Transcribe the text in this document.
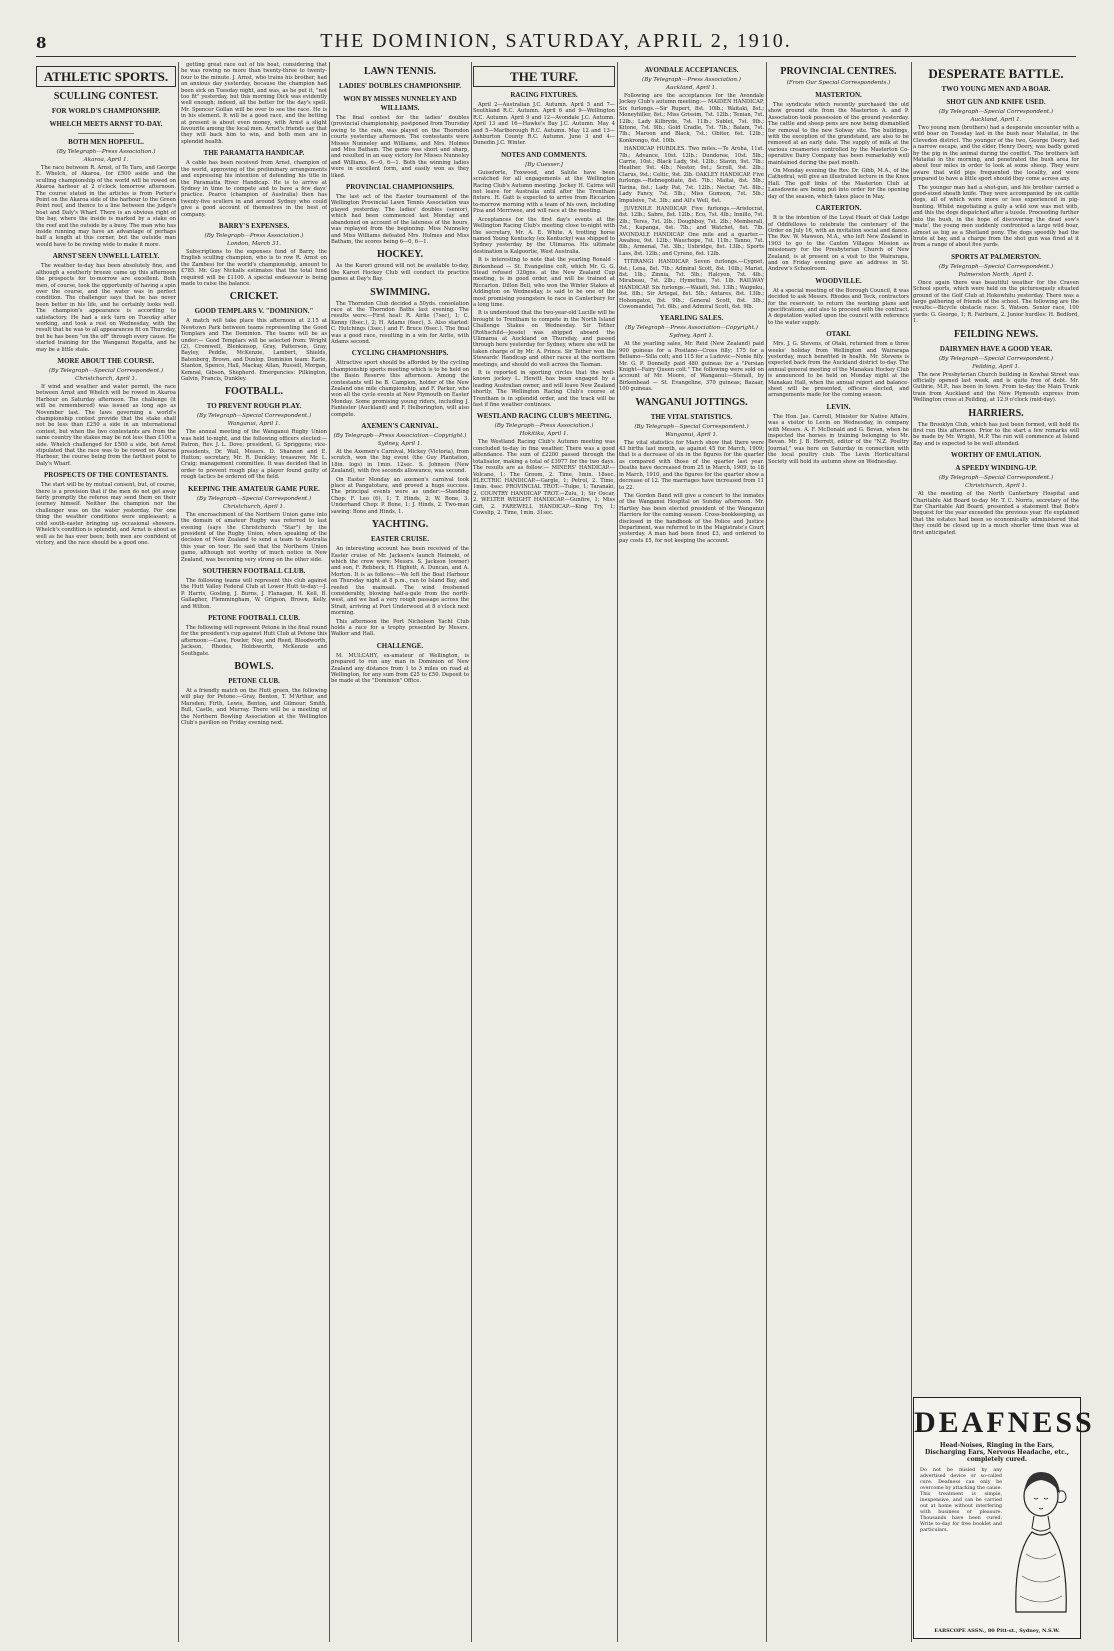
8	THE DOMINION, SATURDAY, APRIL 2, 1910.
ATHLETIC SPORTS.
SCULLING CONTEST.
FOR WORLD'S CHAMPIONSHIP.
WHELCH MEETS ARNST TO-DAY.
BOTH MEN HOPEFUL.
(By Telegraph—Press Association.)
Akaroa, April 1.

The race between R. Arnst, of Te Taro, and George E. Whelch, of Akaroa, for £500 aside and the sculling championship of the world will be rowed on Akaroa harbour at 2 o'clock tomorrow afternoon. The course stated in the articles is from Porter's Point on the Akaroa side of the harbour to the Green Point reef, and thence to a line between the judge's boat and Daly's Wharf. There is an obvious right of the bay, where the inside is marked by a stake on the reef and the outside by a buoy. The man who has inside running may have an advantage of perhaps half a length at this corner, but the outside man would have to be rowing wide to make it more.

ARNST SEEN UNWELL LATELY.

The weather to-day has been absolutely fine, and although a southerly breeze came up this afternoon the prospects for to-morrow are excellent. Both men, of course, took the opportunity of having a spin over the course, and the water was in perfect condition. The challenger says that he has never been better in his life, and he certainly looks well. The champion's appearance is according to satisfactory. He had a sick turn on Tuesday after working, and took a rest on Wednesday, with the result that he was to all appearances fit on Thursday, but he has been "on the off" through every cause. He started training for the Wanganui Regatta, and he may be a little stale.

MORE ABOUT THE COURSE.
(By Telegraph—Special Correspondent.)
Christchurch, April 1.

If wind and weather and water permit, the race between Arnst and Whelch will be rowed in Akaroa Harbour on Saturday afternoon. The challenge (it will be remembered) was issued as long ago as November last. The laws governing a world's championship contest provide that the stake shall not be less than £250 a side in an international contest, but when the two contestants are from the same country the stakes may be not less than £100 a side. Whelch challenged for £500 a side, but Arnst stipulated that the race was to be rowed on Akaroa Harbour, the course being from the farthest point to Daly's Wharf.

PROSPECTS OF THE CONTESTANTS.

The start will be by mutual consent, but, of course, there is a provision that if the men do not get away fairly promptly the referee may send them on their journey himself. Neither the champion nor the challenger was on the water yesterday. For one thing the weather conditions were unpleasant; a cold south-easter bringing up occasional showers. Whelch's condition is splendid, and Arnst is about as well as he has ever been; both men are confident of victory, and the race should be a good one.

getting great race out of his boat, considering that he was rowing no more than twenty-three to twenty-four to the minute. J. Arnst, who trains his brother, had an anxious day yesterday, because the champion had been sick on Tuesday night, and was, as he put it, "not too fit" yesterday, but this morning Dick was evidently well enough; indeed, all the better for the day's spell. Mr. Spencer Gollan will be over to see the race. He is in his element. It will be a good race, and the betting at present is about even money, with Arnst a slight favourite among the local men. Arnst's friends say that they will back him to win, and both men are in splendid health.

THE PARAMATTA HANDICAP.

A cable has been received from Arnst, champion of the world, approving of the preliminary arrangements and expressing his intention of defending his title in the Paramatta River Handicap. He is to arrive at Sydney in time to compete and to have a few days' practice. Pearce (champion of Australia) then has twenty-five scullers in and around Sydney who could give a good account of themselves in the best of company.

BARRY'S EXPENSES.
(By Telegraph—Press Association.)
London, March 31.

Subscriptions to the expenses fund of Barry, the English sculling champion, who is to row R. Arnst on the Zambesi for the world's championship, amount to £785. Mr. Guy Nickalls estimates that the total fund required will be £1100. A special endeavour is being made to raise the balance.

CRICKET.
GOOD TEMPLARS V. "DOMINION."

A match will take place this afternoon at 2.15 at Newtown Park between teams representing the Good Templars and The Dominion. The teams will be as under:— Good Templars will be selected from: Wright (2), Cromwell, Blenkinsop, Gray, Patterson, Gray, Bayley, Peddie, McKenzie, Lambert, Shields, Batenberg, Brown, and Dunlop. Dominion team: Earle, Stanton, Spence, Hall, Mackay, Allan, Russell, Morgan, Kemnal, Gibson, Shepherd. Emergencies: Pilkington, Galvin, Francis, Dunkley.

FOOTBALL.
TO PREVENT ROUGH PLAY.
(By Telegraph—Special Correspondent.)
Wanganui, April 1.

The annual meeting of the Wanganui Rugby Union was held to-night, and the following officers elected:—Patron, Rev. J. L. Dove; president, G. Spriggens; vice-presidents, Dr. Wall, Messrs. D. Shannon and E. Hutton; secretary, Mr. R. Dunkley; treasurer, Mr. L. Craig; management committee. It was decided that in order to prevent rough play a player found guilty of rough tactics be ordered off the field.

KEEPING THE AMATEUR GAME PURE.
(By Telegraph—Special Correspondent.)
Christchurch, April 1.

The encroachment of the Northern Union game into the domain of amateur Rugby was referred to last evening (says the Christchurch "Star") by the president of the Rugby Union, when speaking of the decision of New Zealand to send a team to Australia this year on tour. He said that the Northern Union game, although not worthy of much notice in New Zealand, was becoming very strong on the other side.

SOUTHERN FOOTBALL CLUB.

The following teams will represent this club against the Hutt Valley Federal Club at Lower Hutt to-day:—J. P. Harris, Gosling, J. Burns, J. Flanagan, H. Kell, B. Gallagher, Flemmingham, W. Grigson, Brown, Kelly, and Wilton.

PETONE FOOTBALL CLUB.

The following will represent Petone in the final round for the president's cup against Hutt Club at Petone this afternoon:—Cave, Fowler, Noy, and Reed, Bloodworth, Jackson, Rhodes, Holdsworth, McKenzie and Southgate.

BOWLS.
PETONE CLUB.

At a friendly match on the Hutt green, the following will play for Petone:—Gray, Benton, T. M'Arthur, and Marsden; Firth, Lewis, Benton, and Gilmour; Smith, Bull, Castle, and Murray. There will be a meeting of the Northern Bowling Association at the Wellington Club's pavilion on Friday evening next.

LAWN TENNIS.
LADIES' DOUBLES CHAMPIONSHIP.
WON BY MISSES NUNNELEY AND WILLIAMS.

The final contest for the ladies' doubles (provincial championship, postponed from Thursday owing to the rain, was played on the Thorndon courts yesterday afternoon. The contestants were Misses Nunneley and Williams, and Mrs. Holmes and Miss Batham. The game was short and sharp, and resulted in an easy victory for Misses Nunneley and Williams, 6—0, 6—1. Both the winning ladies were in excellent form, and easily won as they liked.

PROVINCIAL CHAMPIONSHIPS.

The last act of the Easter tournament of the Wellington Provincial Lawn Tennis Association was played yesterday. The ladies' doubles (senior), which had been commenced last Monday and abandoned on account of the lateness of the hours, was replayed from the beginning. Miss Nunneley and Miss Williams defeated Mrs. Holmes and Miss Batham, the scores being 6—0, 6—1.

HOCKEY.

As the Karori ground will not be available to-day, the Karori Hockey Club will conduct its practice games at Day's Bay.

SWIMMING.

The Thorndon Club decided a 50yds. consolation race at the Thorndon Baths last evening. The results were:—First heat: R. Airlie (7sec), 1; C. Kenny (8sec.), 2; H. Adams (6sec), 3. Also started: C. Hutchings (3sec.) and F. Bruce (6sec.). The final was a good race, resulting in a win for Airlie, with Adams second.

CYCLING CHAMPIONSHIPS.

Attractive sport should be afforded by the cycling championship sports meeting which is to be held on the Basin Reserve this afternoon. Among the contestants will be B. Campion, holder of the New Zealand one mile championship, and F. Parker, who won all the cycle events at New Plymouth on Easter Monday. Some promising young riders, including J. Fantester (Auckland) and F. Helberington, will also compete.

AXEMEN'S CARNIVAL.
(By Telegraph—Press Association—Copyright.)
Sydney, April 1.

At the Axemen's Carnival, Mickey (Victoria), from scratch, won the big event (the Guy Plantation, 18in. logs) in 1min. 12sec. S. Johnson (New Zealand), with five seconds allowance, was second.

On Easter Monday an axemen's carnival took place at Pangatotara, and proved a huge success. The principal events were as under:—Standing Chop: F. Leo (6), 1; T. Hinds, 2; W. Bone, 3. Underhand Chop: P. Bone, 1; J. Hinds, 2. Two-man sawing: Bone and Hinds, 1.

YACHTING.
EASTER CRUISE.

An interesting account has been received of the Easter cruise of Mr. Jackson's launch Heimoki, of which the crew were: Messrs. S. Jackson (owner) and son, F. Rebbeck, H. Highett, A. Duncan, and A. Morton. It is as follows:—We left the Boat Harbour on Thursday night at 8 p.m., ran to Island Bay, and reefed the mainsail. The wind freshened considerably, blowing half-a-gale from the north-west, and we had a very rough passage across the Strait, arriving at Port Underwood at 8 o'clock next morning.

This afternoon the Port Nicholson Yacht Club holds a race for a trophy presented by Messrs. Walker and Hall.

CHALLENGE.

M. MULCAHY, ex-amateur of Wellington, is prepared to run any man in Dominion of New Zealand any distance from 1 to 3 miles on road at Wellington, for any sum from £25 to £50. Deposit to be made at the "Dominion" Office.

THE TURF.
RACING FIXTURES.

April 2—Australian J.C. Autumn. April 5 and 7—Southland R.C. Autumn. April 6 and 9—Wellington R.C. Autumn. April 9 and 12—Avondale J.C. Autumn. April 13 and 16—Hawke's Bay J.C. Autumn. May 4 and 5—Marlborough R.C. Autumn. May 12 and 13—Ashburton County R.C. Autumn. June 3 and 4—Dunedin J.C. Winter.

NOTES AND COMMENTS.
[By Cuesser.]

Guiseforte, Foxwood, and Salute have been scratched for all engagements at the Wellington Racing Club's Autumn meeting. Jockey H. Cairns will not leave for Australia until after the Trentham fixture. H. Gatt is expected to arrive from Riccarton to-morrow morning with a team of his own, including Pisa and Merriwee, and will race at the meeting.

Acceptances for the first day's events at the Wellington Racing Club's meeting close to-night with the secretary, Mr. A. E. White. A trotting horse named Young Kentucky (ex Kentucky) was shipped to Sydney yesterday by the Ulimaroa. His ultimate destination is Kalgoorlie, West Australia.

It is interesting to note that the yearling Ronald - Birkenhead — St. Evangeline colt, which Mr. G. G. Stead refused 320gns. at the New Zealand Cup meeting, is in good order, and will be trained at Riccarton. Dillon Bell, who won the Winter Stakes at Addington on Wednesday, is said to be one of the most promising youngsters to race in Canterbury for a long time.

It is understood that the two-year-old Lucille will be brought to Trentham to compete in the North Island Challenge Stakes on Wednesday. Sir Tether (Rothschild—Jessie) was shipped aboard the Ulimaroa at Auckland on Thursday, and passed through here yesterday for Sydney, where she will be taken charge of by Mr. A. Prince. Sir Tether won the Stewards' Handicap and other races at the northern meetings, and should do well across the Tasman.

It is reported in sporting circles that the well-known jockey L. Hewitt has been engaged by a leading Australian owner, and will leave New Zealand shortly. The Wellington Racing Club's course at Trentham is in splendid order, and the track will be fast if fine weather continues.

WESTLAND RACING CLUB'S MEETING.
(By Telegraph—Press Association.)
Hokitika, April 1.

The Westland Racing Club's Autumn meeting was concluded to-day in fine weather. There was a good attendance. The sum of £2200 passed through the totalisator, making a total of £3977 for the two days. The results are as follow:— MINERS' HANDICAP.—Volcano, 1; The Groom, 2. Time, 1min. 18sec. ELECTRIC HANDICAP.—Gargle, 1; Petrol, 2. Time, 1min. 4sec. PROVINCIAL TROT.—Tulpe, 1; Taranaki, 2. COUNTRY HANDICAP TROT.—Zulu, 1; Sir Oscar, 2. WELTER WEIGHT HANDICAP.—Gunfire, 1; Miss Gift, 2. FAREWELL HANDICAP.—King Try, 1; Cowslip, 2. Time, 1min. 31sec.

AVONDALE ACCEPTANCES.
(By Telegraph—Press Association.)
Auckland, April 1.

Following are the acceptances for the Avondale Jockey Club's autumn meeting:— MAIDEN HANDICAP, Six furlongs.—Sir Rupert, 8st. 10lb.; Waitaki, 8st.; Moneyhiller, 8st.; Miss Grissim, 7st. 12lb.; Tenian, 7st. 12lb.; Lady Kilbryde, 7st. 11lb.; Sublet, 7st. 9lb.; Kitone, 7st. 9lb.; Gold Cradle, 7st. 7lb.; Balam, 7st. 7lb.; Maroon and Black, 7st.; Obiter, 6st. 12lb.; Konkrongo, 6st. 10lb.

HANDICAP HURDLES. Two miles.—Te Aroha, 11st. 7lb.; Advance, 10st. 12lb.; Dundoree, 10st. 5lb.; Carrie, 10st.; Black Lady, 9st. 12lb.; Stavin, 9st. 7lb.; Heather, 9st. 4lb.; Nestor, 9st.; Scroll, 9st. 2lb.; Clarus, 9st.; Celtic, 9st. 2lb. OAKLEY HANDICAP. Five furlongs.—Rebnegotiate, 8st. 7lb.; Maitai, 8st. 5lb.; Tarina, 8st.; Lady Pat, 7st. 12lb.; Nectar, 7st. 8lb.; Lady Fancy, 7st. 5lb.; Miss Gumson, 7st. 5lb.; Impulsive, 7st. 3lb.; and All's Well, 6st.

JUVENILE HANDICAP. Five furlongs.—Aristocrat, 8st. 12lb.; Sabre, 8st. 12lb.; Eco, 7st. 4lb.; Innillo, 7st. 2lb.; Teres, 7st. 2lb.; Doughboy, 7st. 2lb.; Memberall, 7st.; Kapanga, 6st. 7lb.; and Watchet, 6st. 7lb. AVONDALE HANDICAP. One mile and a quarter.—Awahou, 9st. 12lb.; Wauchope, 7st. 11lb.; Tanno, 7st. 8lb.; Armenal, 7st. 3lb.; Uxbridge, 8st. 13lb.; Sports Lass, 8st. 12lb.; and Cyrene, 6st. 12lb.

TITIRANGI HANDICAP. Seven furlongs.—Cygnet, 9st.; Lena, 8st. 7lb.; Admiral Scott, 8st. 10lb.; Marist, 8st. 1lb.; Zinnia, 7st. 5lb.; Halcyon, 7st. 4lb.; Mirabeau, 7st. 2lb.; Hymettus, 7st. 1lb. RAILWAY HANDICAP. Six furlongs.—Waiatt, 9st. 13lb.; Waipuku, 9st. 8lb.; Sir Artegal, 8st. 5lb.; Antares, 8st. 13lb.; Hohongatoi, 8st. 9lb.; General Scott, 8st. 3lb.; Cowomandel, 7st. 6lb.; and Admiral Scott, 6st. 9lb.

YEARLING SALES.
(By Telegraph—Press Association—Copyright.)
Sydney, April 1.

At the yearling sales, Mr. Reid (New Zealand) paid 900 guineas for a Positano—Cross filly; 175 for a Bellamo—Silla colt; and 115 for a Ludovic—Nonie filly. Mr. G. P. Donnelly paid 480 guineas for a "Persian Knight—Fairy Queen colt." The following were sold on account of Mr. Moore, of Wanganui:—Stenall, by Birkenhead — St. Evangeline, 370 guineas; Bazaar, 100 guineas.

WANGANUI JOTTINGS.
THE VITAL STATISTICS.
(By Telegraph—Special Correspondent.)
Wanganui, April 1.

The vital statistics for March show that there were 43 births last month, as against 45 for March, 1909; that is a decrease of six in the figures for the quarter as compared with those of the quarter last year. Deaths have decreased from 25 in March, 1909, to 18 in March, 1910, and the figures for the quarter show a decrease of 12. The marriages have increased from 11 to 22.

The Gordon Band will give a concert to the inmates of the Wanganui Hospital on Sunday afternoon. Mr. Hartley has been elected president of the Wanganui Harriers for the coming season. Cross-bookkeeping, as disclosed in the handbook of the Police and Justice Department, was referred to in the Magistrate's Court yesterday. A man had been fined £3, and ordered to pay costs £5, for not keeping the account.

PROVINCIAL CENTRES.
(From Our Special Correspondents.)
MASTERTON.

The syndicate which recently purchased the old show ground site from the Masterton A. and P. Association took possession of the ground yesterday. The cattle and sheep pens are now being dismantled for removal to the new Solway site. The buildings, with the exception of the grandstand, are also to be removed at an early date. The supply of milk at the various creameries controlled by the Masterton Co-operative Dairy Company has been remarkably well maintained during the past month.

On Monday evening the Rev. Dr. Gibb, M.A., of the Cathedral, will give an illustrated lecture in the Knox Hall. The golf links of the Masterton Club at Lansdowne are being put into order for the opening day of the season, which takes place in May.

CARTERTON.

It is the intention of the Loyal Heart of Oak Lodge of Oddfellows to celebrate the centenary of the Order on July 16, with an invitation social and dance. The Rev. W. Mawson, M.A., who left New Zealand in 1903 to go to the Canton Villages Mission as missionary for the Presbyterian Church of New Zealand, is at present on a visit to the Wairarapa, and on Friday evening gave an address in St. Andrew's Schoolroom.

WOODVILLE.

At a special meeting of the Borough Council, it was decided to ask Messrs. Rhodes and Teck, contractors for the reservoir, to return the working plans and specifications, and also to proceed with the contract. A deputation waited upon the council with reference to the water supply.

OTAKI.

Mrs. J. G. Stevens, of Otaki, returned from a three weeks' holiday from Wellington and Wairarapa yesterday, much benefited in health. Mr. Stevens is expected back from the Auckland district to-day. The annual general meeting of the Manakau Hockey Club is announced to be held on Monday night at the Manakau Hall, when the annual report and balance-sheet will be presented, officers elected, and arrangements made for the coming season.

LEVIN.

The Hon. Jas. Carroll, Minister for Native Affairs, was a visitor to Levin on Wednesday, in company with Messrs. A. F. McDonald and G. Bevan, when he inspected the horses in training belonging to Mr. Bevan. Mr. J. B. Herrett, editor of the "N.Z. Poultry Journal," was here on Saturday in connection with the local poultry club. The Levin Horticultural Society will hold its autumn show on Wednesday.

DESPERATE BATTLE.
TWO YOUNG MEN AND A BOAR.
SHOT GUN AND KNIFE USED.
(By Telegraph—Special Correspondent.)
Auckland, April 1.

Two young men (brothers) had a desperate encounter with a wild boar on Tuesday last in the bush near Mataitai, in the Clevedon district. The younger of the two, George Deery, had a narrow escape, and the elder, Henry Deery, was badly gored by the pig in the animal during the conflict. The brothers left Mataitai in the morning, and penetrated the bush area for about four miles in order to look at some sheep. They were aware that wild pigs frequented the locality, and were prepared to have a little sport should they come across any.

The younger man had a shot-gun, and his brother carried a good-sized sheath knife. They were accompanied by six cattle dogs, all of which were more or less experienced in pig-hunting. Whilst negotiating a gully a wild sow was met with, and this the dogs dispatched after a tussle. Proceeding further into the bush, in the hope of discovering the dead sow's 'mate', the young men suddenly confronted a large wild boar, almost as big as a Shetland pony. The dogs speedily had the brute at bay, and a charge from the shot gun was fired at it from a range of about five yards.

SPORTS AT PALMERSTON.
(By Telegraph—Special Correspondent.)
Palmerston North, April 1.

Once again there was beautiful weather for the Craven School sports, which were held on the picturesquely situated ground of the Golf Club at Hokowhitu yesterday. There was a large gathering of friends of the school. The following are the results:—Bicycle obstacle race: S. Watson. Senior race, 100 yards: G. George, 1; R. Fairburn, 2. Junior hurdles: H. Bedford, 1.

FEILDING NEWS.
DAIRYMEN HAVE A GOOD YEAR.
(By Telegraph—Special Correspondent.)
Feilding, April 1.

The new Presbyterian Church building in Kowhai Street was officially opened last week, and is quite free of debt. Mr. Guthrie, M.P., has been in town. From to-day the Main Trunk train from Auckland and the New Plymouth express from Wellington cross at Feilding, at 12.9 o'clock (mid-day).

HARRIERS.

The Brooklyn Club, which has just been formed, will hold its first run this afternoon. Prior to the start a few remarks will be made by Mr. Wright, M.P. The run will commence at Island Bay and is expected to be well attended.

WORTHY OF EMULATION.
A SPEEDY WINDING-UP.
(By Telegraph—Special Correspondent.)
Christchurch, April 1.

At the meeting of the North Canterbury Hospital and Charitable Aid Board to-day Mr. T. C. Norris, secretary of the Ear Charitable Aid Board, presented a statement that Bob's bequest for the year exceeded the previous year. He explained that the estates had been so economically administered that they could be closed up in a much shorter time than was at first anticipated.

DEAFNESS
Head-Noises, Ringing in the Ears, Discharging Ears, Nervous Headache, etc., completely cured.
Do not be misled by any advertised device or so-called cure. Deafness can only be overcome by attacking the cause. This treatment is simple, inexpensive, and can be carried out at home without interfering with business or pleasure. Thousands have been cured. Write to-day for free booklet and particulars.
EARSCOPE ASSN., 80 Pitt-st., Sydney, N.S.W.
